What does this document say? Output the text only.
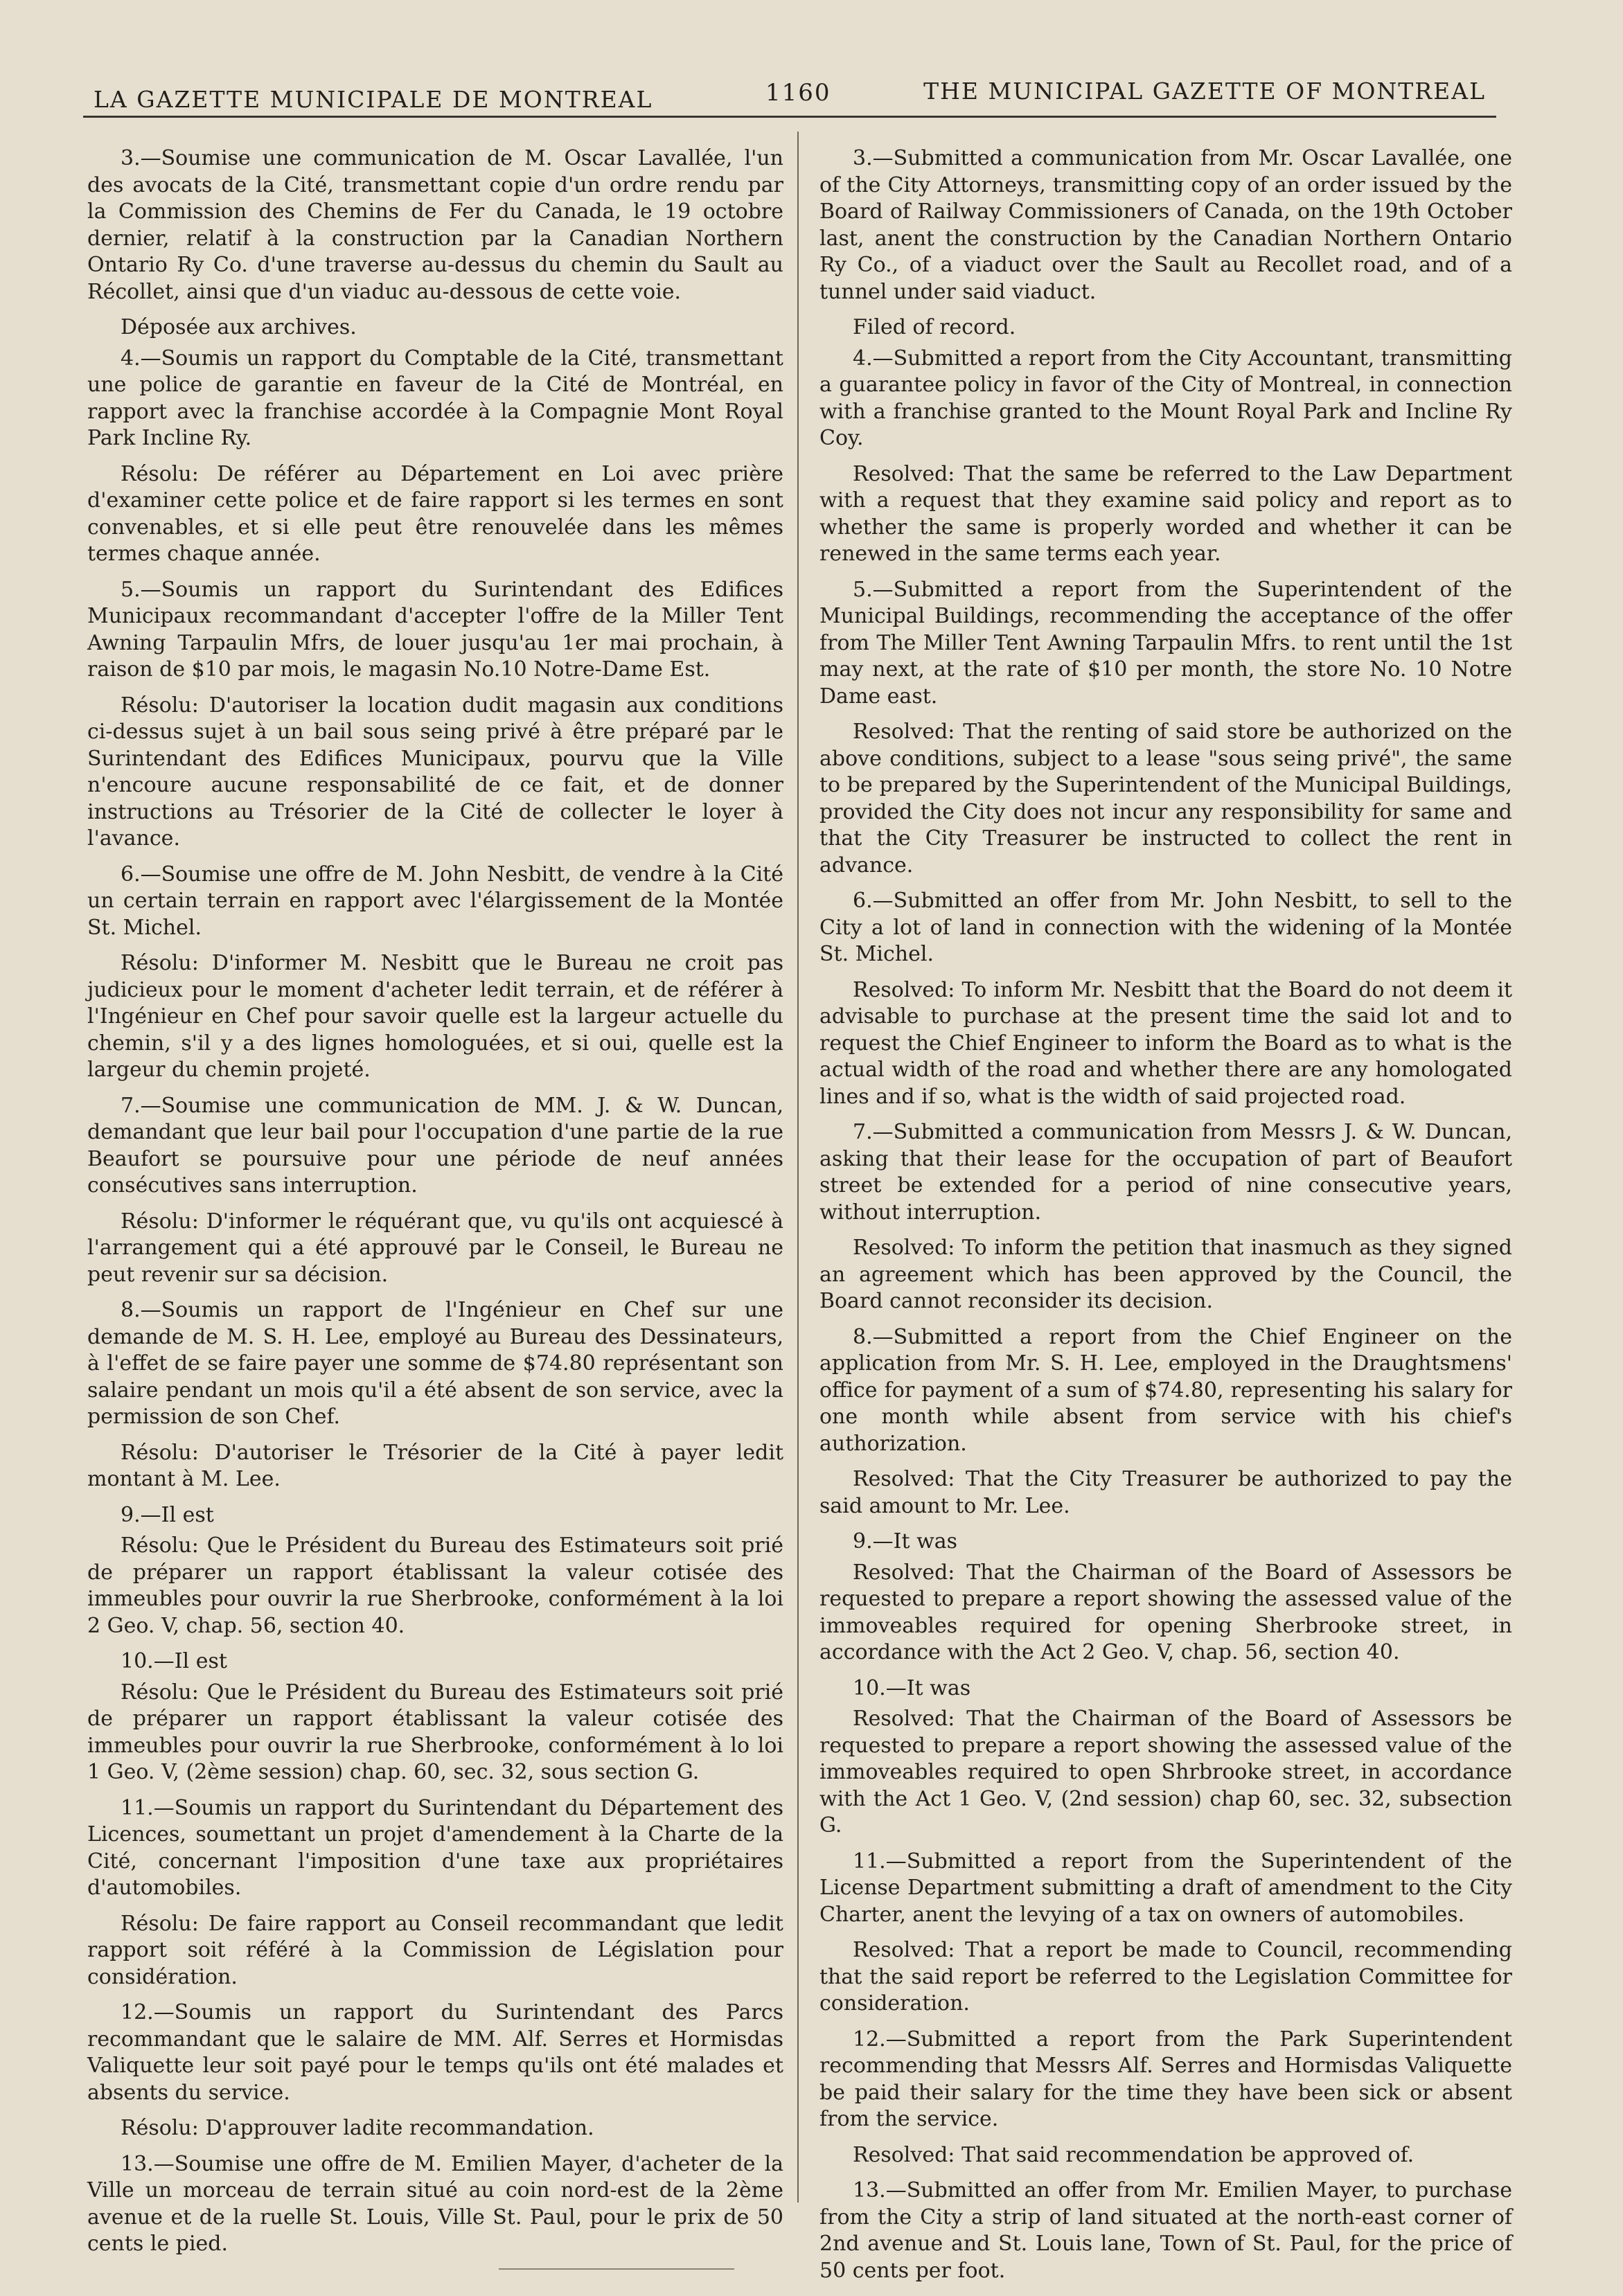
LA GAZETTE MUNICIPALE DE MONTREAL	1160	THE MUNICIPAL GAZETTE OF MONTREAL

3.—Soumise une communication de M. Oscar Lavallée, l'un des avocats de la Cité, transmettant copie d'un ordre rendu par la Commission des Chemins de Fer du Canada, le 19 octobre dernier, relatif à la construction par la Canadian Northern Ontario Ry Co. d'une traverse au-dessus du chemin du Sault au Récollet, ainsi que d'un viaduc au-dessous de cette voie.

Déposée aux archives.

4.—Soumis un rapport du Comptable de la Cité, transmettant une police de garantie en faveur de la Cité de Montréal, en rapport avec la franchise accordée à la Compagnie Mont Royal Park Incline Ry.

Résolu: De référer au Département en Loi avec prière d'examiner cette police et de faire rapport si les termes en sont convenables, et si elle peut être renouvelée dans les mêmes termes chaque année.

5.—Soumis un rapport du Surintendant des Edifices Municipaux recommandant d'accepter l'offre de la Miller Tent Awning Tarpaulin Mfrs, de louer jusqu'au 1er mai prochain, à raison de $10 par mois, le magasin No.10 Notre-Dame Est.

Résolu: D'autoriser la location dudit magasin aux conditions ci-dessus sujet à un bail sous seing privé à être préparé par le Surintendant des Edifices Municipaux, pourvu que la Ville n'encoure aucune responsabilité de ce fait, et de donner instructions au Trésorier de la Cité de collecter le loyer à l'avance.

6.—Soumise une offre de M. John Nesbitt, de vendre à la Cité un certain terrain en rapport avec l'élargissement de la Montée St. Michel.

Résolu: D'informer M. Nesbitt que le Bureau ne croit pas judicieux pour le moment d'acheter ledit terrain, et de référer à l'Ingénieur en Chef pour savoir quelle est la largeur actuelle du chemin, s'il y a des lignes homologuées, et si oui, quelle est la largeur du chemin projeté.

7.—Soumise une communication de MM. J. & W. Duncan, demandant que leur bail pour l'occupation d'une partie de la rue Beaufort se poursuive pour une période de neuf années consécutives sans interruption.

Résolu: D'informer le réquérant que, vu qu'ils ont acquiescé à l'arrangement qui a été approuvé par le Conseil, le Bureau ne peut revenir sur sa décision.

8.—Soumis un rapport de l'Ingénieur en Chef sur une demande de M. S. H. Lee, employé au Bureau des Dessinateurs, à l'effet de se faire payer une somme de $74.80 représentant son salaire pendant un mois qu'il a été absent de son service, avec la permission de son Chef.

Résolu: D'autoriser le Trésorier de la Cité à payer ledit montant à M. Lee.

9.—Il est

Résolu: Que le Président du Bureau des Estimateurs soit prié de préparer un rapport établissant la valeur cotisée des immeubles pour ouvrir la rue Sherbrooke, conformément à la loi 2 Geo. V, chap. 56, section 40.

10.—Il est

Résolu: Que le Président du Bureau des Estimateurs soit prié de préparer un rapport établissant la valeur cotisée des immeubles pour ouvrir la rue Sherbrooke, conformément à lo loi 1 Geo. V, (2ème session) chap. 60, sec. 32, sous section G.

11.—Soumis un rapport du Surintendant du Département des Licences, soumettant un projet d'amendement à la Charte de la Cité, concernant l'imposition d'une taxe aux propriétaires d'automobiles.

Résolu: De faire rapport au Conseil recommandant que ledit rapport soit référé à la Commission de Législation pour considération.

12.—Soumis un rapport du Surintendant des Parcs recommandant que le salaire de MM. Alf. Serres et Hormisdas Valiquette leur soit payé pour le temps qu'ils ont été malades et absents du service.

Résolu: D'approuver ladite recommandation.

13.—Soumise une offre de M. Emilien Mayer, d'acheter de la Ville un morceau de terrain situé au coin nord-est de la 2ème avenue et de la ruelle St. Louis, Ville St. Paul, pour le prix de 50 cents le pied.

3.—Submitted a communication from Mr. Oscar Lavallée, one of the City Attorneys, transmitting copy of an order issued by the Board of Railway Commissioners of Canada, on the 19th October last, anent the construction by the Canadian Northern Ontario Ry Co., of a viaduct over the Sault au Recollet road, and of a tunnel under said viaduct.

Filed of record.

4.—Submitted a report from the City Accountant, transmitting a guarantee policy in favor of the City of Montreal, in connection with a franchise granted to the Mount Royal Park and Incline Ry Coy.

Resolved: That the same be referred to the Law Department with a request that they examine said policy and report as to whether the same is properly worded and whether it can be renewed in the same terms each year.

5.—Submitted a report from the Superintendent of the Municipal Buildings, recommending the acceptance of the offer from The Miller Tent Awning Tarpaulin Mfrs. to rent until the 1st may next, at the rate of $10 per month, the store No. 10 Notre Dame east.

Resolved: That the renting of said store be authorized on the above conditions, subject to a lease "sous seing privé", the same to be prepared by the Superintendent of the Municipal Buildings, provided the City does not incur any responsibility for same and that the City Treasurer be instructed to collect the rent in advance.

6.—Submitted an offer from Mr. John Nesbitt, to sell to the City a lot of land in connection with the widening of la Montée St. Michel.

Resolved: To inform Mr. Nesbitt that the Board do not deem it advisable to purchase at the present time the said lot and to request the Chief Engineer to inform the Board as to what is the actual width of the road and whether there are any homologated lines and if so, what is the width of said projected road.

7.—Submitted a communication from Messrs J. & W. Duncan, asking that their lease for the occupation of part of Beaufort street be extended for a period of nine consecutive years, without interruption.

Resolved: To inform the petition that inasmuch as they signed an agreement which has been approved by the Council, the Board cannot reconsider its decision.

8.—Submitted a report from the Chief Engineer on the application from Mr. S. H. Lee, employed in the Draughtsmens' office for payment of a sum of $74.80, representing his salary for one month while absent from service with his chief's authorization.

Resolved: That the City Treasurer be authorized to pay the said amount to Mr. Lee.

9.—It was

Resolved: That the Chairman of the Board of Assessors be requested to prepare a report showing the assessed value of the immoveables required for opening Sherbrooke street, in accordance with the Act 2 Geo. V, chap. 56, section 40.

10.—It was

Resolved: That the Chairman of the Board of Assessors be requested to prepare a report showing the assessed value of the immoveables required to open Shrbrooke street, in accordance with the Act 1 Geo. V, (2nd session) chap 60, sec. 32, subsection G.

11.—Submitted a report from the Superintendent of the License Department submitting a draft of amendment to the City Charter, anent the levying of a tax on owners of automobiles.

Resolved: That a report be made to Council, recommending that the said report be referred to the Legislation Committee for consideration.

12.—Submitted a report from the Park Superintendent recommending that Messrs Alf. Serres and Hormisdas Valiquette be paid their salary for the time they have been sick or absent from the service.

Resolved: That said recommendation be approved of.

13.—Submitted an offer from Mr. Emilien Mayer, to purchase from the City a strip of land situated at the north-east corner of 2nd avenue and St. Louis lane, Town of St. Paul, for the price of 50 cents per foot.
